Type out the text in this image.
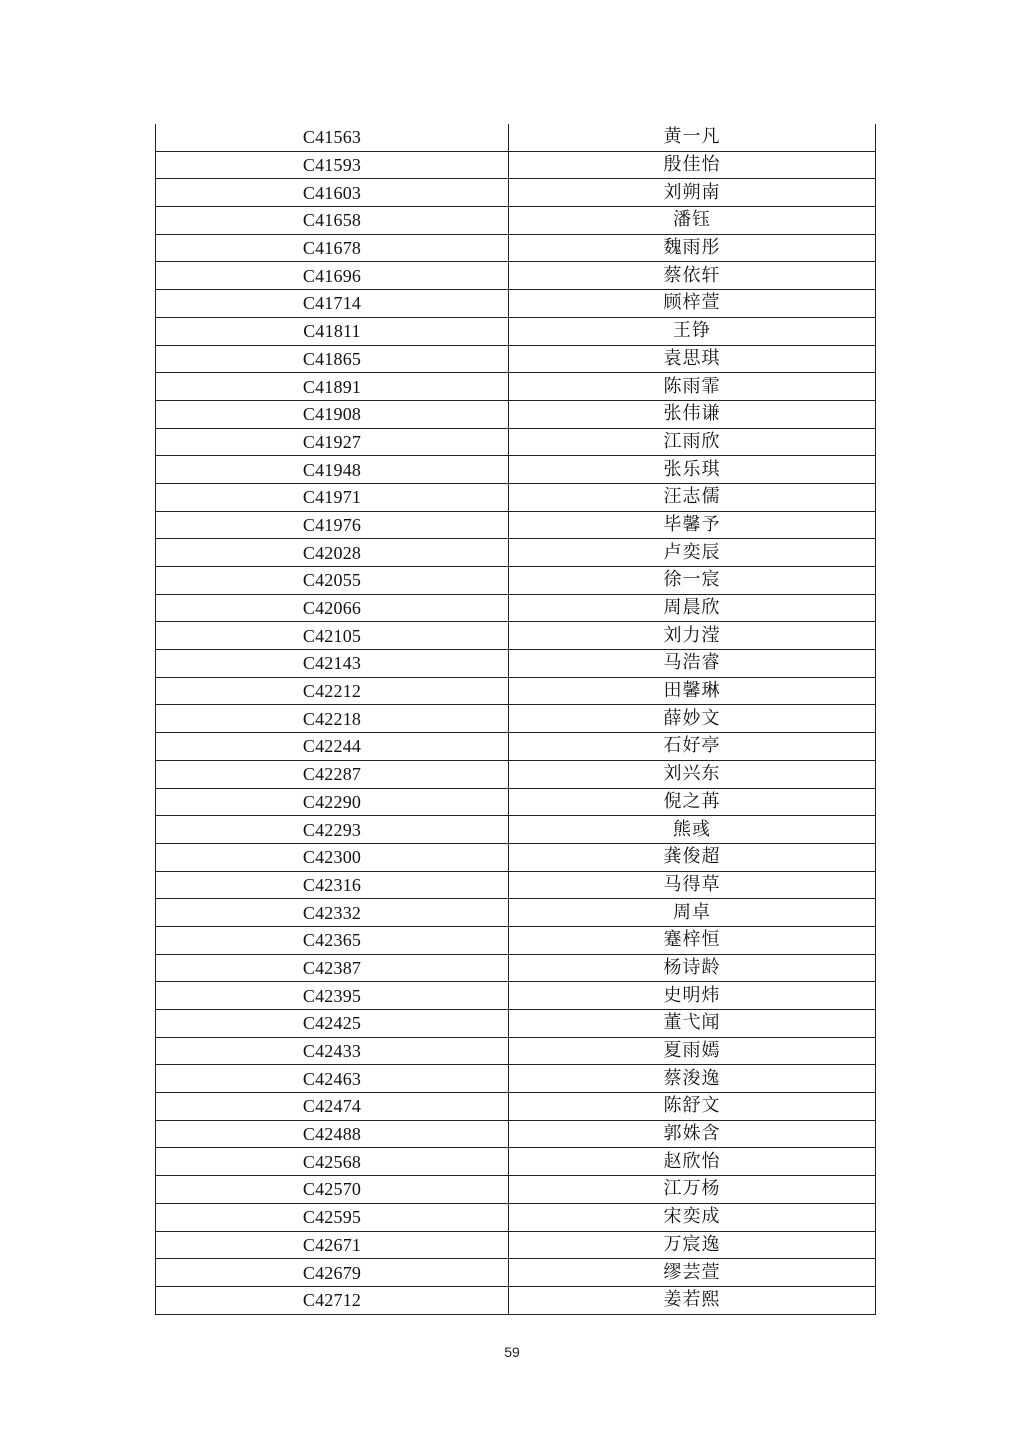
C41563	黄一凡
C41593	殷佳怡
C41603	刘朔南
C41658	潘钰
C41678	魏雨彤
C41696	蔡依轩
C41714	顾梓萱
C41811	王铮
C41865	袁思琪
C41891	陈雨霏
C41908	张伟谦
C41927	江雨欣
C41948	张乐琪
C41971	汪志儒
C41976	毕馨予
C42028	卢奕辰
C42055	徐一宸
C42066	周晨欣
C42105	刘力滢
C42143	马浩睿
C42212	田馨琳
C42218	薛妙文
C42244	石好亭
C42287	刘兴东
C42290	倪之苒
C42293	熊彧
C42300	龚俊超
C42316	马得草
C42332	周卓
C42365	蹇梓恒
C42387	杨诗龄
C42395	史明炜
C42425	董弋闻
C42433	夏雨嫣
C42463	蔡浚逸
C42474	陈舒文
C42488	郭姝含
C42568	赵欣怡
C42570	江万杨
C42595	宋奕成
C42671	万宸逸
C42679	缪芸萱
C42712	姜若熙
59
